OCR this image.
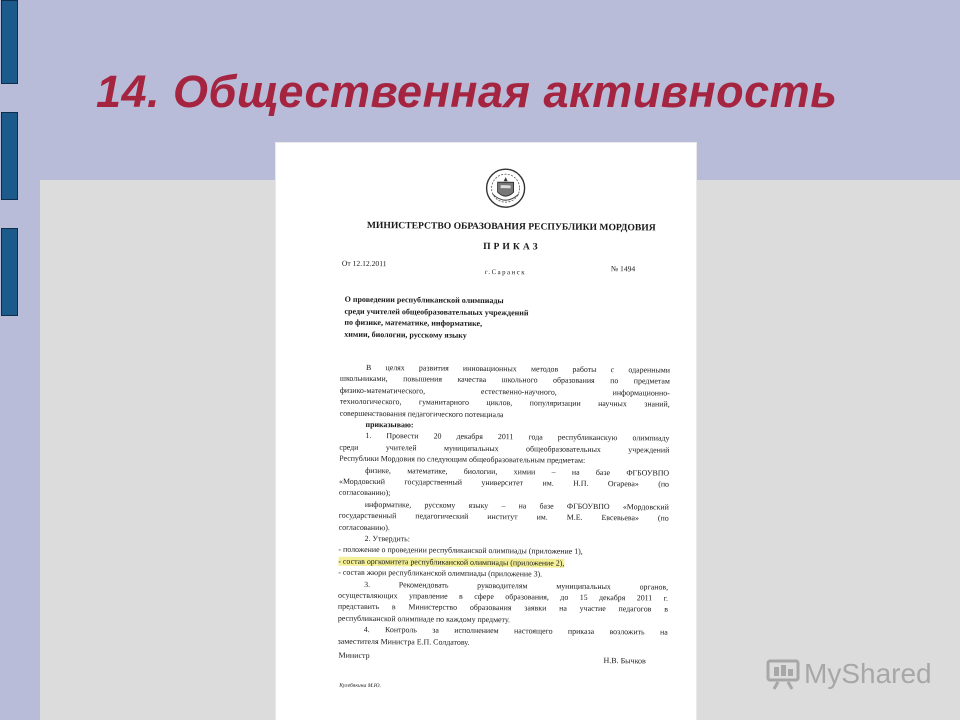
14. Общественная активность
МИНИСТЕРСТВО ОБРАЗОВАНИЯ РЕСПУБЛИКИ МОРДОВИЯ
ПРИКАЗ
От 12.12.2011
г.Саранск	№ 1494
О проведении республиканской олимпиады
среди учителей общеобразовательных учреждений
по физике, математике, информатике,
химии, биологии, русскому языку
В целях развития инновационных методов работы с одаренными
школьниками, повышения качества школьного образования по предметам
физико-математического, естественно-научного, информационно-
технологического, гуманитарного циклов, популяризации научных знаний,
совершенствования педагогического потенциала
приказываю:
1. Провести 20 декабря 2011 года республиканскую олимпиаду
среди учителей муниципальных общеобразовательных учреждений
Республики Мордовия по следующим общеобразовательным предметам:
физике, математике, биологии, химии – на базе ФГБОУВПО
«Мордовский государственный университет им. Н.П. Огарева» (по
согласованию);
информатике, русскому языку – на базе ФГБОУВПО «Мордовский
государственный педагогический институт им. М.Е. Евсевьева» (по
согласованию).
2. Утвердить:
- положение о проведении республиканской олимпиады (приложение 1),
- состав оргкомитета республиканской олимпиады (приложение 2),
- состав жюри республиканской олимпиады (приложение 3).
3. Рекомендовать руководителям муниципальных органов,
осуществляющих управление в сфере образования, до 15 декабря 2011 г.
представить в Министерство образования заявки на участие педагогов в
республиканской олимпиаде по каждому предмету.
4. Контроль за исполнением настоящего приказа возложить на
заместителя Министра Е.П. Солдатову.
Министр
Н.В. Бычков
Кулебякина М.Ю.	MyShared
